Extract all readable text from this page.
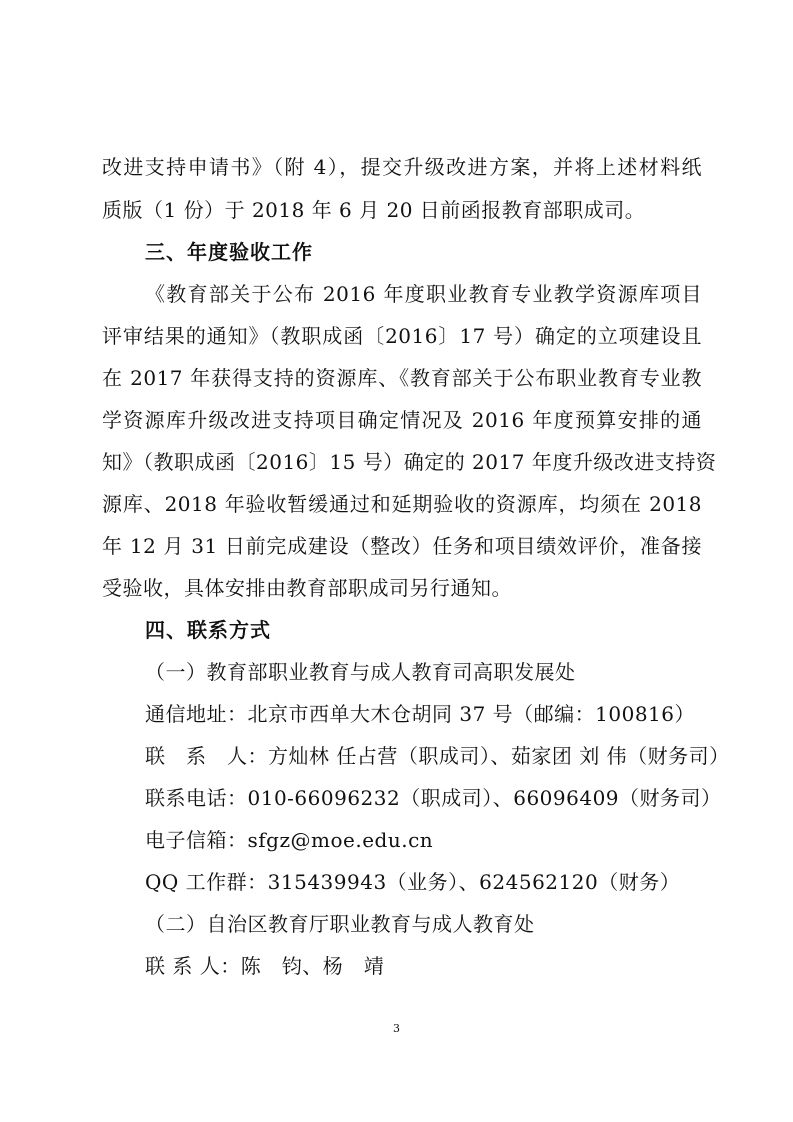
改进支持申请书》（附 4），提交升级改进方案，并将上述材料纸
质版（1 份）于 2018 年 6 月 20 日前函报教育部职成司。
三、年度验收工作
《教育部关于公布 2016 年度职业教育专业教学资源库项目
评审结果的通知》（教职成函〔2016〕17 号）确定的立项建设且
在 2017 年获得支持的资源库、《教育部关于公布职业教育专业教
学资源库升级改进支持项目确定情况及 2016 年度预算安排的通
知》（教职成函〔2016〕15 号）确定的 2017 年度升级改进支持资
源库、2018 年验收暂缓通过和延期验收的资源库，均须在 2018
年 12 月 31 日前完成建设（整改）任务和项目绩效评价，准备接
受验收，具体安排由教育部职成司另行通知。
四、联系方式
（一）教育部职业教育与成人教育司高职发展处
通信地址：北京市西单大木仓胡同 37 号（邮编：100816）
联　系　人：方灿林 任占营（职成司）、茹家团 刘 伟（财务司）
联系电话：010-66096232（职成司）、66096409（财务司）
电子信箱：sfgz@moe.edu.cn
QQ 工作群：315439943（业务）、624562120（财务）
（二）自治区教育厅职业教育与成人教育处
联 系 人：陈　钧、杨　靖
3
